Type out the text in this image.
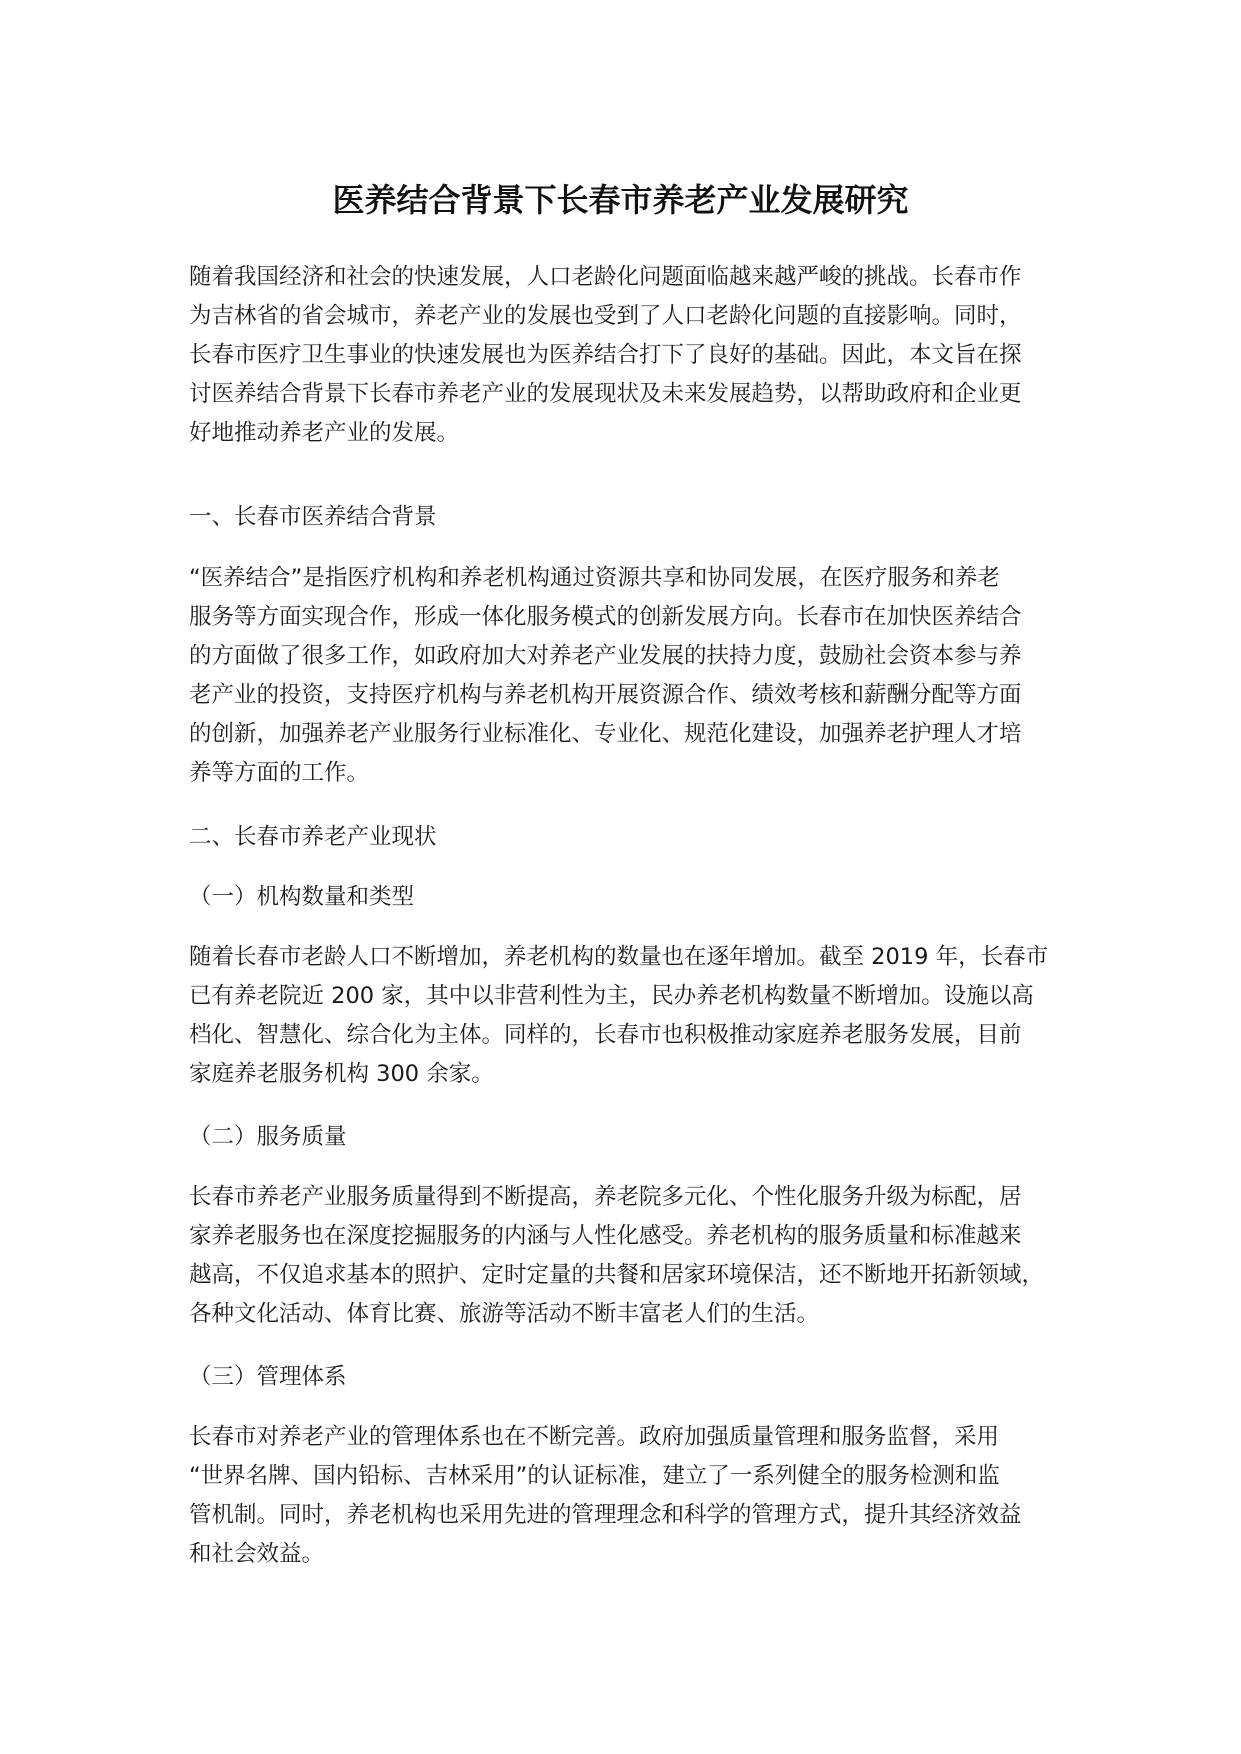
医养结合背景下长春市养老产业发展研究

随着我国经济和社会的快速发展，人口老龄化问题面临越来越严峻的挑战。长春市作
为吉林省的省会城市，养老产业的发展也受到了人口老龄化问题的直接影响。同时，
长春市医疗卫生事业的快速发展也为医养结合打下了良好的基础。因此，本文旨在探
讨医养结合背景下长春市养老产业的发展现状及未来发展趋势，以帮助政府和企业更
好地推动养老产业的发展。

一、长春市医养结合背景

“医养结合”是指医疗机构和养老机构通过资源共享和协同发展，在医疗服务和养老
服务等方面实现合作，形成一体化服务模式的创新发展方向。长春市在加快医养结合
的方面做了很多工作，如政府加大对养老产业发展的扶持力度，鼓励社会资本参与养
老产业的投资，支持医疗机构与养老机构开展资源合作、绩效考核和薪酬分配等方面
的创新，加强养老产业服务行业标准化、专业化、规范化建设，加强养老护理人才培
养等方面的工作。

二、长春市养老产业现状

（一）机构数量和类型

随着长春市老龄人口不断增加，养老机构的数量也在逐年增加。截至 2019 年，长春市
已有养老院近 200 家，其中以非营利性为主，民办养老机构数量不断增加。设施以高
档化、智慧化、综合化为主体。同样的，长春市也积极推动家庭养老服务发展，目前
家庭养老服务机构 300 余家。

（二）服务质量

长春市养老产业服务质量得到不断提高，养老院多元化、个性化服务升级为标配，居
家养老服务也在深度挖掘服务的内涵与人性化感受。养老机构的服务质量和标准越来
越高，不仅追求基本的照护、定时定量的共餐和居家环境保洁，还不断地开拓新领域，
各种文化活动、体育比赛、旅游等活动不断丰富老人们的生活。

（三）管理体系

长春市对养老产业的管理体系也在不断完善。政府加强质量管理和服务监督，采用
“世界名牌、国内铅标、吉林采用”的认证标准，建立了一系列健全的服务检测和监
管机制。同时，养老机构也采用先进的管理理念和科学的管理方式，提升其经济效益
和社会效益。
